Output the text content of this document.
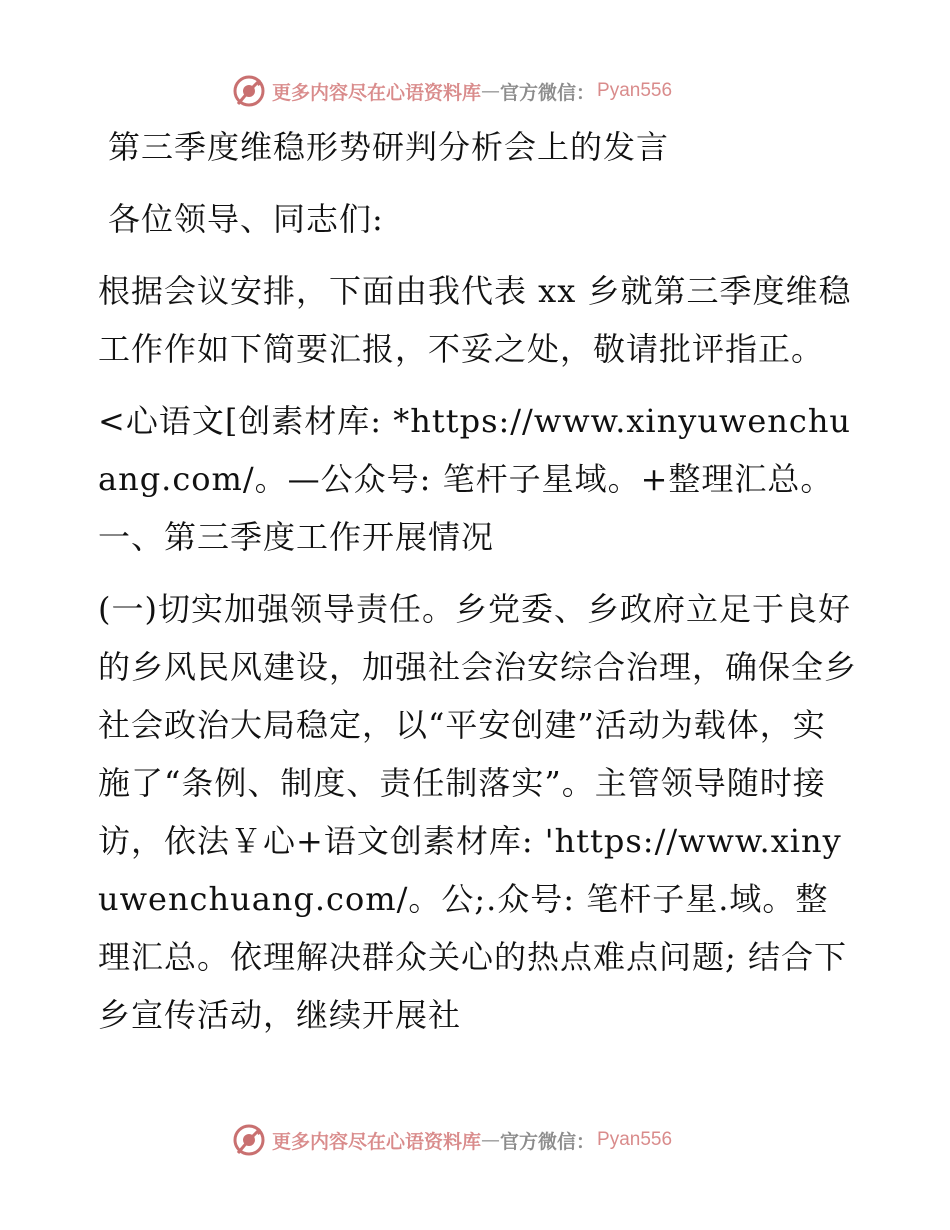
更多内容尽在心语资料库 — 官方微信： Pyan556

第三季度维稳形势研判分析会上的发言

各位领导、同志们:

根据会议安排，下面由我代表 xx 乡就第三季度维稳工作作如下简要汇报，不妥之处，敬请批评指正。

<心语文[创素材库: *https://www.xinyuwenchuang.com/。—公众号: 笔杆子星域。+整理汇总。一、第三季度工作开展情况

(一)切实加强领导责任。乡党委、乡政府立足于良好的乡风民风建设，加强社会治安综合治理，确保全乡社会政治大局稳定，以“平安创建”活动为载体，实施了“条例、制度、责任制落实”。主管领导随时接访，依法￥心+语文创素材库: 'https://www.xinyuwenchuang.com/。公;.众号: 笔杆子星.域。整理汇总。依理解决群众关心的热点难点问题; 结合下乡宣传活动，继续开展社

更多内容尽在心语资料库 — 官方微信： Pyan556
